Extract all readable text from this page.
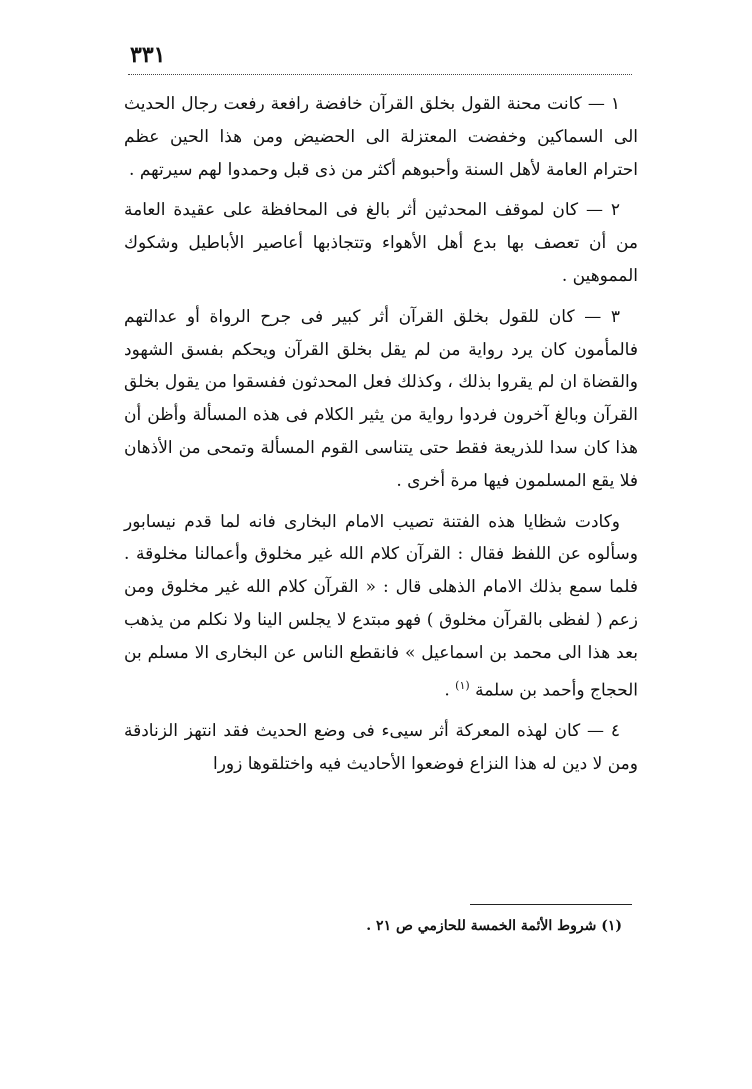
٣٣١

١ — كانت محنة القول بخلق القرآن خافضة رافعة رفعت رجال الحديث الى السماكين وخفضت المعتزلة الى الحضيض ومن هذا الحين عظم احترام العامة لأهل السنة وأحبوهم أكثر من ذى قبل وحمدوا لهم سيرتهم .

٢ — كان لموقف المحدثين أثر بالغ فى المحافظة على عقيدة العامة من أن تعصف بها بدع أهل الأهواء وتتجاذبها أعاصير الأباطيل وشكوك المموهين .

٣ — كان للقول بخلق القرآن أثر كبير فى جرح الرواة أو عدالتهم فالمأمون كان يرد رواية من لم يقل بخلق القرآن ويحكم بفسق الشهود والقضاة ان لم يقروا بذلك ، وكذلك فعل المحدثون ففسقوا من يقول بخلق القرآن وبالغ آخرون فردوا رواية من يثير الكلام فى هذه المسألة وأظن أن هذا كان سدا للذريعة فقط حتى يتناسى القوم المسألة وتمحى من الأذهان فلا يقع المسلمون فيها مرة أخرى .

وكادت شظايا هذه الفتنة تصيب الامام البخارى فانه لما قدم نيسابور وسألوه عن اللفظ فقال : القرآن كلام الله غير مخلوق وأعمالنا مخلوقة . فلما سمع بذلك الامام الذهلى قال : « القرآن كلام الله غير مخلوق ومن زعم ( لفظى بالقرآن مخلوق ) فهو مبتدع لا يجلس الينا ولا نكلم من يذهب بعد هذا الى محمد بن اسماعيل » فانقطع الناس عن البخارى الا مسلم بن الحجاج وأحمد بن سلمة $^{(١)}$ .

٤ — كان لهذه المعركة أثر سيىء فى وضع الحديث فقد انتهز الزنادقة ومن لا دين له هذا النزاع فوضعوا الأحاديث فيه واختلقوها زورا

(١) شروط الأئمة الخمسة للحازمي ص ٢١ .
